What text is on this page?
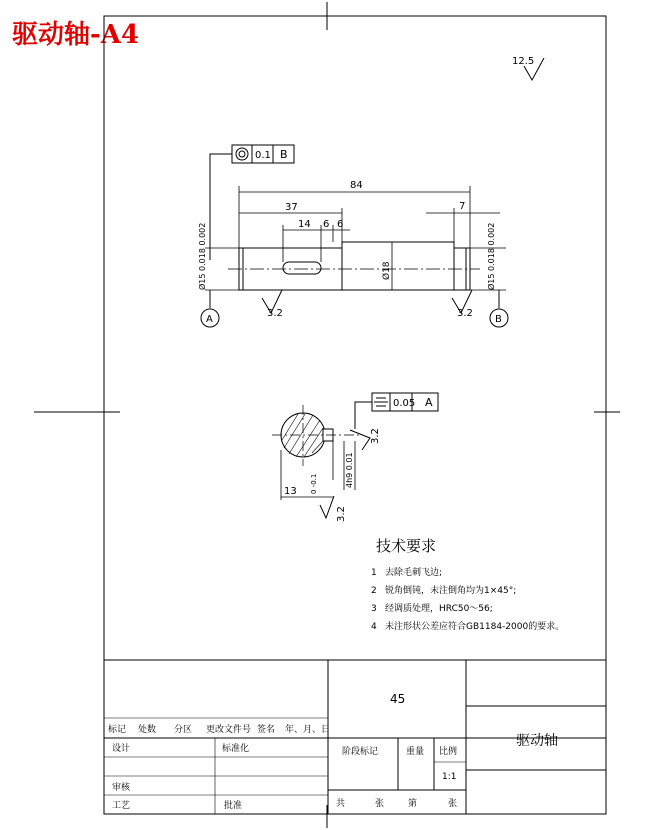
驱动轴-A4
12.5
0.1 B
84
37
14 6 6
7
Ø15 0.018 0.002	Ø18	Ø15 0.018 0.002
3.2	3.2
A	B
0.05 A
3.2
13 0 -0.1	4h9 0.01
3.2
技术要求
1 去除毛刺飞边;
2 锐角倒钝，未注倒角均为1×45°;
3 经调质处理，HRC50～56;
4 未注形状公差应符合GB1184-2000的要求。
45
驱动轴
标记 处数 分区 更改文件号 签名 年、月、日
设计	标准化
审核
工艺	批准
阶段标记	重量 比例
1:1
共	张	第	张
